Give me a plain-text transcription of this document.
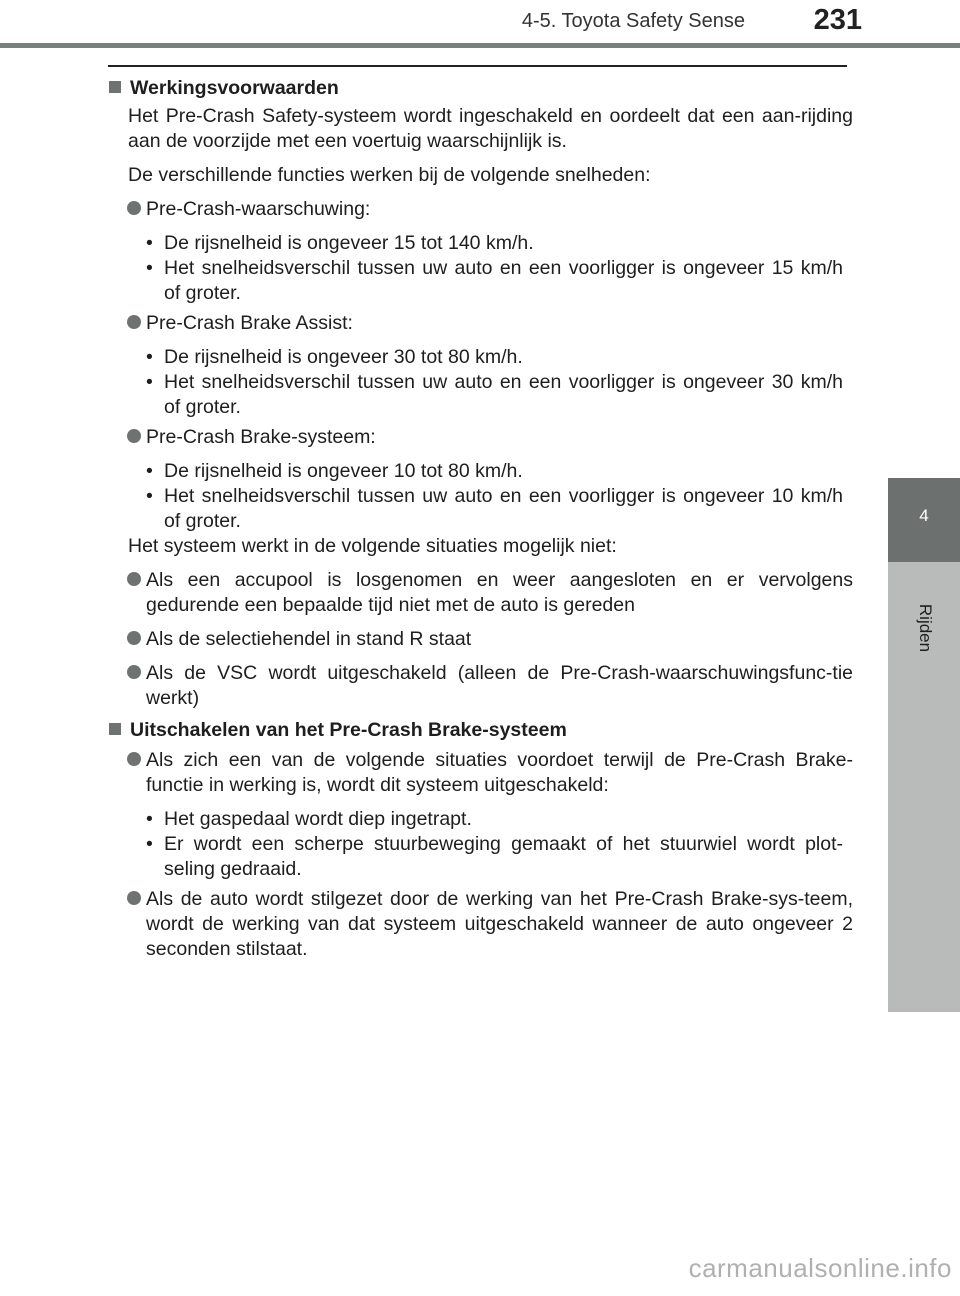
4-5. Toyota Safety Sense 231
4
Rijden
Werkingsvoorwaarden
Het Pre-Crash Safety-systeem wordt ingeschakeld en oordeelt dat een aan-rijding aan de voorzijde met een voertuig waarschijnlijk is.
De verschillende functies werken bij de volgende snelheden:
Pre-Crash-waarschuwing:
• De rijsnelheid is ongeveer 15 tot 140 km/h.
• Het snelheidsverschil tussen uw auto en een voorligger is ongeveer 15 km/h of groter.
Pre-Crash Brake Assist:
• De rijsnelheid is ongeveer 30 tot 80 km/h.
• Het snelheidsverschil tussen uw auto en een voorligger is ongeveer 30 km/h of groter.
Pre-Crash Brake-systeem:
• De rijsnelheid is ongeveer 10 tot 80 km/h.
• Het snelheidsverschil tussen uw auto en een voorligger is ongeveer 10 km/h of groter.
Het systeem werkt in de volgende situaties mogelijk niet:
Als een accupool is losgenomen en weer aangesloten en er vervolgens gedurende een bepaalde tijd niet met de auto is gereden
Als de selectiehendel in stand R staat
Als de VSC wordt uitgeschakeld (alleen de Pre-Crash-waarschuwingsfunc-tie werkt)
Uitschakelen van het Pre-Crash Brake-systeem
Als zich een van de volgende situaties voordoet terwijl de Pre-Crash Brake-functie in werking is, wordt dit systeem uitgeschakeld:
• Het gaspedaal wordt diep ingetrapt.
• Er wordt een scherpe stuurbeweging gemaakt of het stuurwiel wordt plot-seling gedraaid.
Als de auto wordt stilgezet door de werking van het Pre-Crash Brake-sys-teem, wordt de werking van dat systeem uitgeschakeld wanneer de auto ongeveer 2 seconden stilstaat.
carmanualsonline.info
